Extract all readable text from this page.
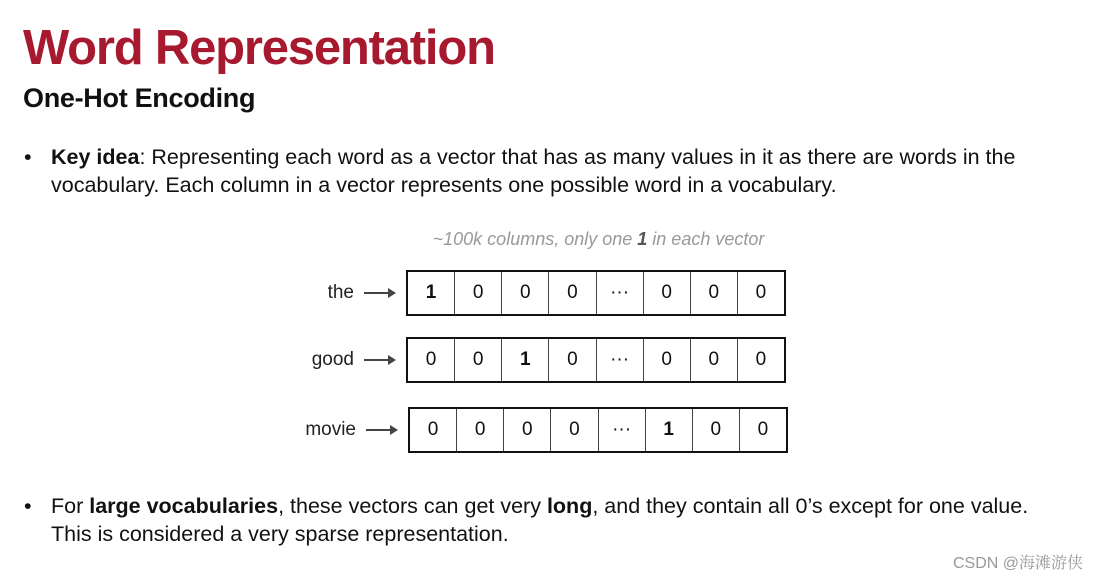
Word Representation
One-Hot Encoding
• Key idea: Representing each word as a vector that has as many values in it as there are words in the vocabulary. Each column in a vector represents one possible word in a vocabulary.
~100k columns, only one 1 in each vector
the	1	0	0	0	···	0	0	0
good	0	0	1	0	···	0	0	0
movie	0	0	0	0	···	1	0	0
• For large vocabularies, these vectors can get very long, and they contain all 0’s except for one value. This is considered a very sparse representation.
CSDN @海滩游侠
